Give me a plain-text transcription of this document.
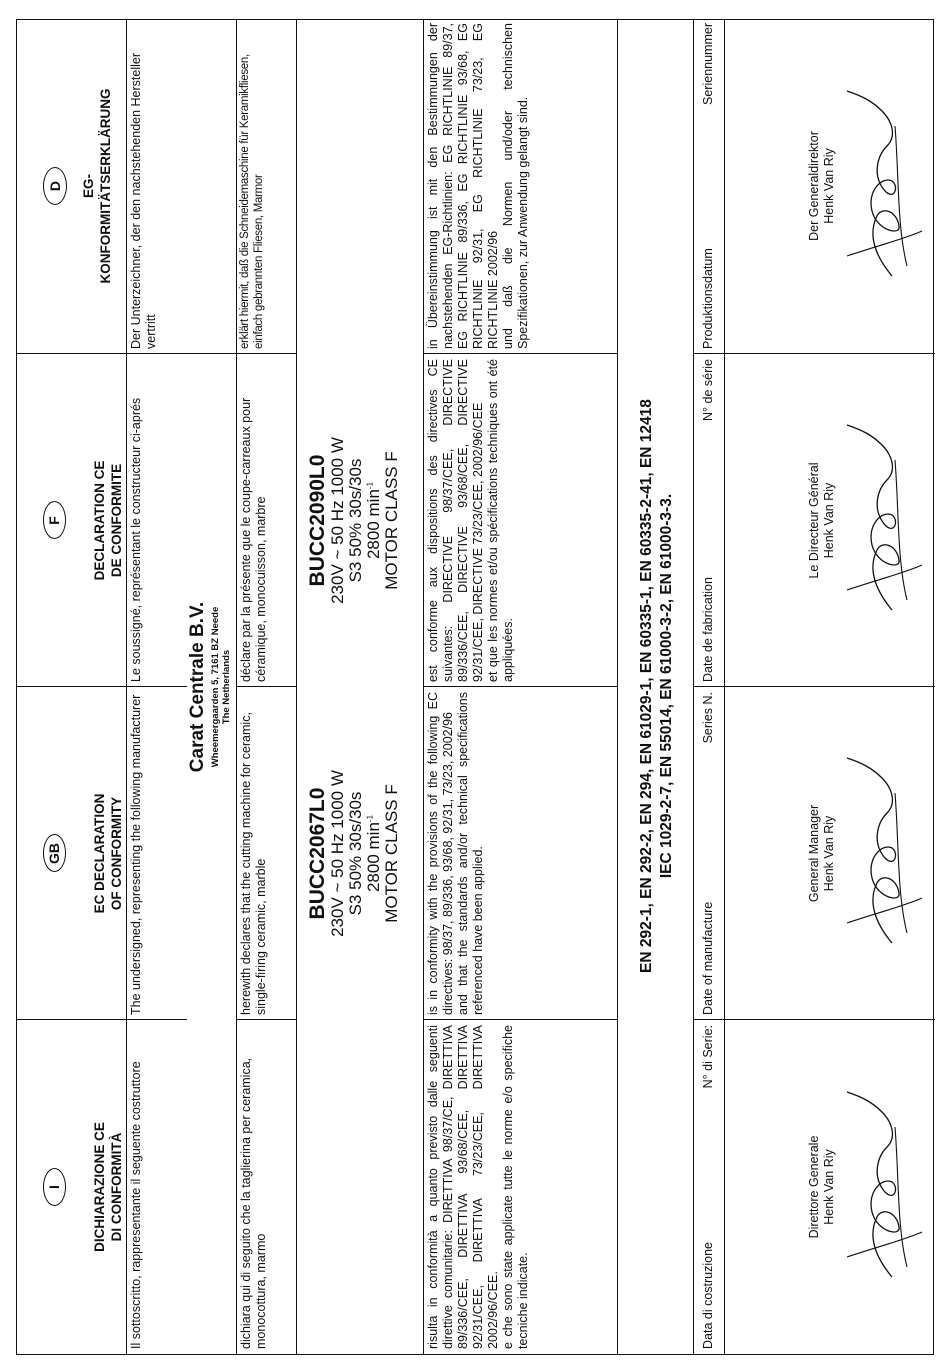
I DICHIARAZIONE CE DI CONFORMITÀ
GB EC DECLARATION OF CONFORMITY
F DECLARATION CE DE CONFORMITE
D	EG- KONFORMITÄTSERKLÄRUNG
Il sottoscritto, rappresentante il seguente costruttore
The undersigned, representing the following manufacturer
Le soussigné, représentant le constructeur ci-aprés
Der Unterzeichner, der den nachstehenden Hersteller vertritt
Carat Centrale B.V. Wheemergaarden 5, 7161 BZ Neede The Netherlands
dichiara qui di seguito che la taglierina per ceramica, monocottura, marmo
herewith declares that the cutting machine for ceramic, single-firing ceramic, marble
déclare par la présente que le coupe-carreaux pour céramique, monocuisson, marbre
erklärt hiermit, daß die Schneidemaschine für Keramikfliesen, einfach gebrannten Fliesen, Marmor
BUCC2067L0 230V ~ 50 Hz 1000 W
S3 50% 30s/30s
2800 $\min^{-1}$ MOTOR CLASS F
BUCC2090L0 230V ~ 50 Hz 1000 W
S3 50% 30s/30s
2800 $\min^{-1}$ MOTOR CLASS F
risulta in conformità a quanto previsto dalle seguenti direttive comunitarie: DIRETTIVA 98/37/CE, DIRETTIVA 89/336/CEE, DIRETTIVA 93/68/CEE, DIRETTIVA 92/31/CEE, DIRETTIVA 73/23/CEE, DIRETTIVA 2002/96/CEE. e che sono state applicate tutte le norme e/o specifiche tecniche indicate.
is in conformity with the provisions of the following EC directives: 98/37, 89/336, 93/68, 92/31, 73/23, 2002/96 and that the standards and/or technical specifications referenced have been applied.
est conforme aux dispositions des directives CE suivantes: DIRECTIVE 98/37/CEE, DIRECTIVE 89/336/CEE, DIRECTIVE 93/68/CEE, DIRECTIVE 92/31/CEE, DIRECTIVE 73/23/CEE, 2002/96/CEE et que les normes et/ou spécifications techniques ont été appliquées.
in Übereinstimmung ist mit den Bestimmungen der nachstehenden EG-Richtlinien: EG RICHTLINIE 89/37, EG RICHTLINIE 89/336, EG RICHTLINIE 93/68, EG RICHTLINIE 92/31, EG RICHTLINIE 73/23, EG RICHTLINIE 2002/96 und daß die Normen und/oder technischen Spezifikationen, zur Anwendung gelangt sind.
EN 292-1, EN 292-2, EN 294, EN 61029-1, EN 60335-1, EN 60335-2-41, EN 12418 IEC 1029-2-7, EN 55014, EN 61000-3-2, EN 61000-3-3.
Data di costruzione
N° di Serie:
Date of manufacture
Series N.
Date de fabrication
N° de série
Produktionsdatum
Seriennummer
Direttore Generale Henk Van Riy
General Manager Henk Van Riy
Le Directeur Général Henk Van Riy
Der Generaldirektor Henk Van Riy
